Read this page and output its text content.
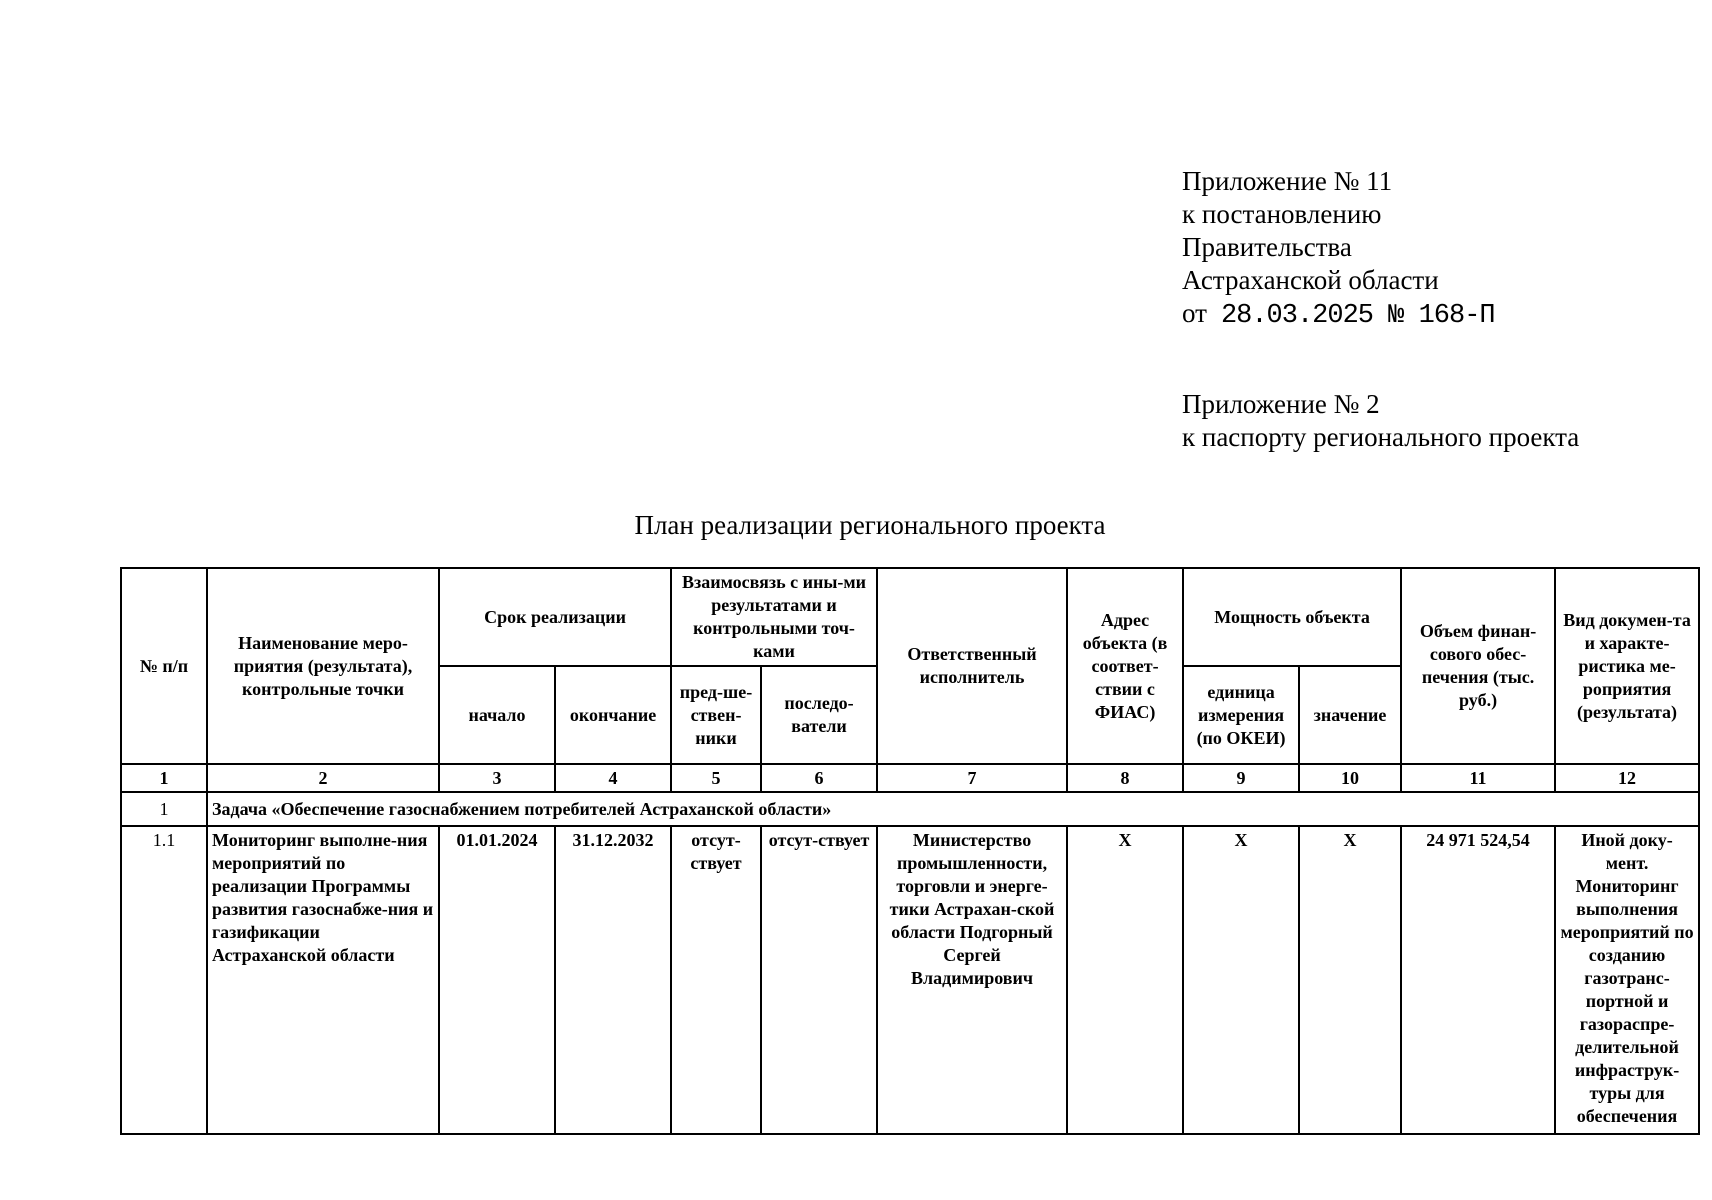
Приложение № 11
к постановлению
Правительства
Астраханской области
от 28.03.2025 № 168-П
Приложение № 2
к паспорту регионального проекта
План реализации регионального проекта
№ п/п	Наименование меро-приятия (результата), контрольные точки	Срок реализации		Взаимосвязь с ины-ми результатами и контрольными точ-ками		Ответственный исполнитель	Адрес объекта (в соответ-ствии с ФИАС)	Мощность объекта		Объем финан-сового обес-печения (тыс. руб.)	Вид докумен-та и характе-ристика ме-роприятия (результата)
		начало	окончание	пред-ше-ствен-ники	последо-ватели			единица измерения (по ОКЕИ)	значение		
1	2	3	4	5	6	7	8	9	10	11	12
1	Задача «Обеспечение газоснабжением потребителей Астраханской области»										
1.1	Мониторинг выполне-ния мероприятий по реализации Программы развития газоснабже-ния и газификации Астраханской области	01.01.2024	31.12.2032	отсут-ствует	отсут-ствует	Министерство промышленности, торговли и энерге-тики Астрахан-ской области Подгорный Сергей Владимирович	X	X	X	24 971 524,54	Иной доку-мент. Мониторинг выполнения мероприятий по созданию газотранс-портной и газораспре-делительной инфраструк-туры для обеспечения
